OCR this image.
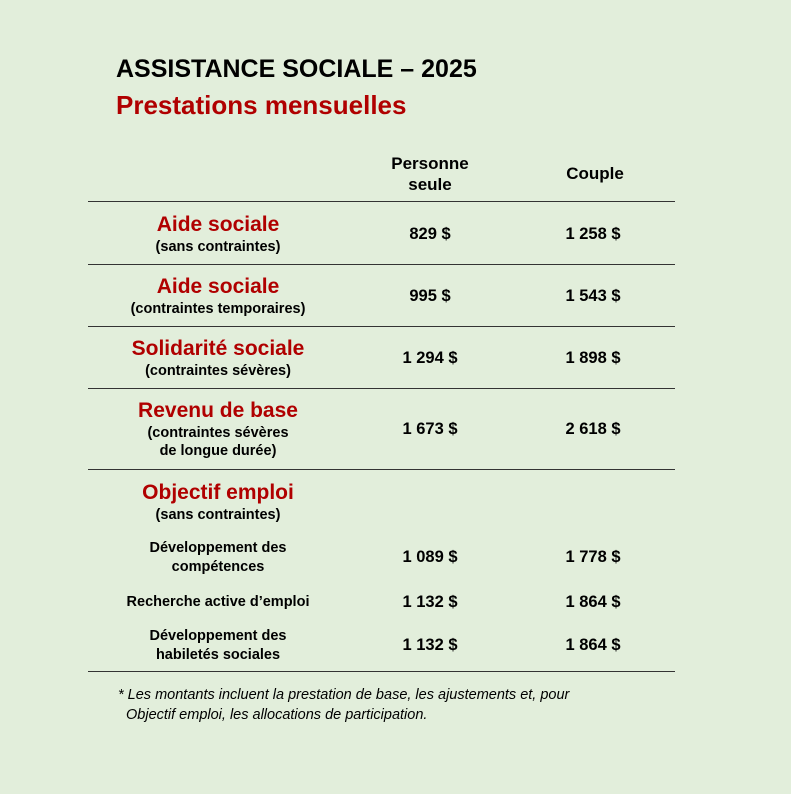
ASSISTANCE SOCIALE – 2025
Prestations mensuelles
Personne
seule
Couple
Aide sociale
(sans contraintes)
829 $	1 258 $
Aide sociale
(contraintes temporaires)
995 $	1 543 $
Solidarité sociale
(contraintes sévères)
1 294 $	1 898 $
Revenu de base
(contraintes sévères
de longue durée)
1 673 $	2 618 $
Objectif emploi
(sans contraintes)
Développement des
compétences
1 089 $	1 778 $
Recherche active d’emploi	1 132 $	1 864 $
Développement des
habiletés sociales
1 132 $	1 864 $
* Les montants incluent la prestation de base, les ajustements et, pour
Objectif emploi, les allocations de participation.
